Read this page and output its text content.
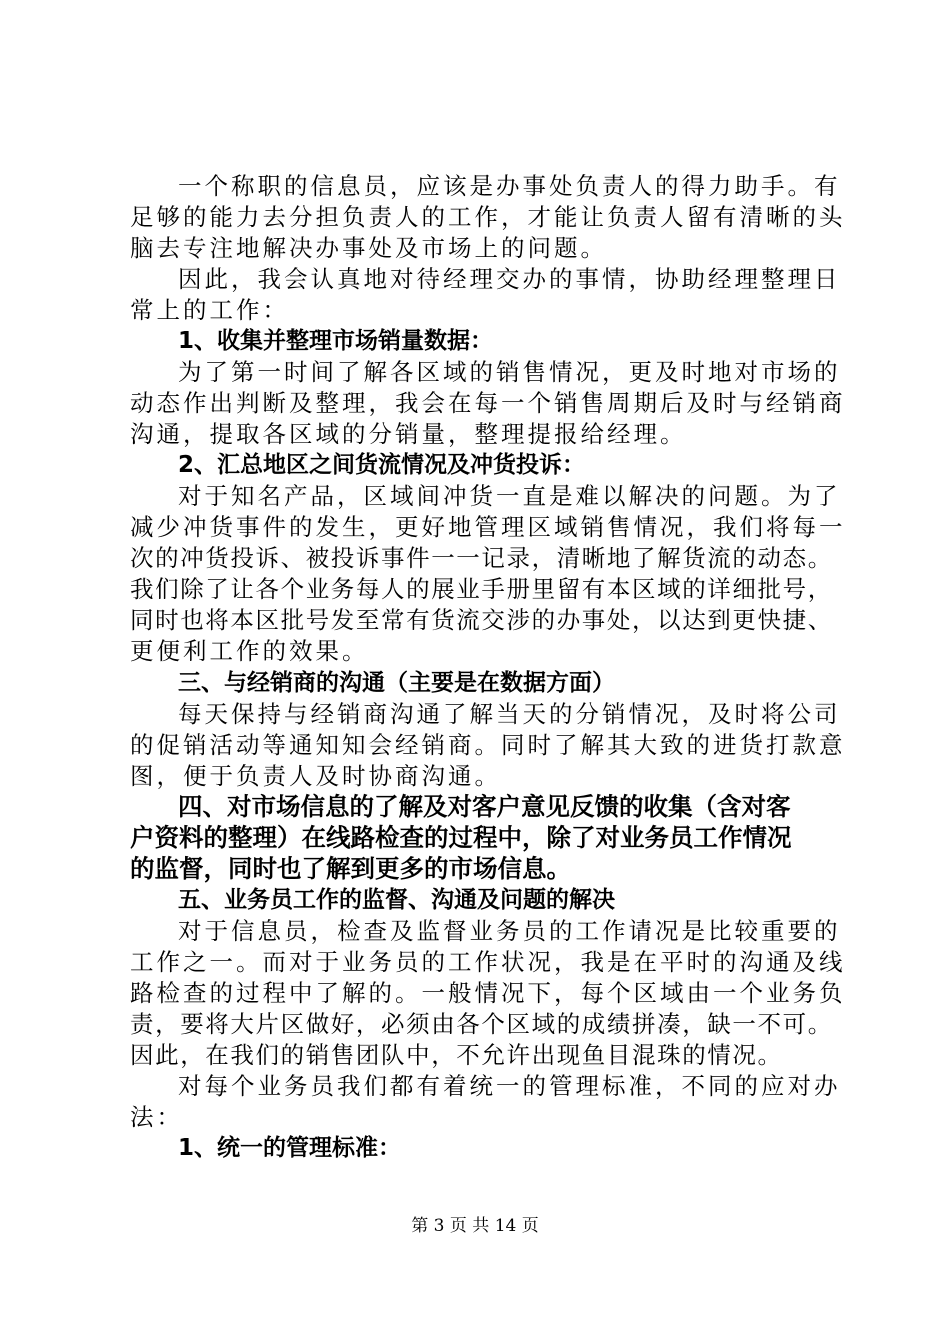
一个称职的信息员，应该是办事处负责人的得力助手。有
足够的能力去分担负责人的工作，才能让负责人留有清晰的头
脑去专注地解决办事处及市场上的问题。
因此，我会认真地对待经理交办的事情，协助经理整理日
常上的工作：
1、收集并整理市场销量数据：
为了第一时间了解各区域的销售情况，更及时地对市场的
动态作出判断及整理，我会在每一个销售周期后及时与经销商
沟通，提取各区域的分销量，整理提报给经理。
2、汇总地区之间货流情况及冲货投诉：
对于知名产品，区域间冲货一直是难以解决的问题。为了
减少冲货事件的发生，更好地管理区域销售情况，我们将每一
次的冲货投诉、被投诉事件一一记录，清晰地了解货流的动态。
我们除了让各个业务每人的展业手册里留有本区域的详细批号，
同时也将本区批号发至常有货流交涉的办事处，以达到更快捷、
更便利工作的效果。
三、与经销商的沟通（主要是在数据方面）
每天保持与经销商沟通了解当天的分销情况，及时将公司
的促销活动等通知知会经销商。同时了解其大致的进货打款意
图，便于负责人及时协商沟通。
四、对市场信息的了解及对客户意见反馈的收集（含对客
户资料的整理）在线路检查的过程中，除了对业务员工作情况
的监督，同时也了解到更多的市场信息。
五、业务员工作的监督、沟通及问题的解决
对于信息员，检查及监督业务员的工作请况是比较重要的
工作之一。而对于业务员的工作状况，我是在平时的沟通及线
路检查的过程中了解的。一般情况下，每个区域由一个业务负
责，要将大片区做好，必须由各个区域的成绩拼凑，缺一不可。
因此，在我们的销售团队中，不允许出现鱼目混珠的情况。
对每个业务员我们都有着统一的管理标准，不同的应对办
法：
1、统一的管理标准：
第 3 页 共 14 页
